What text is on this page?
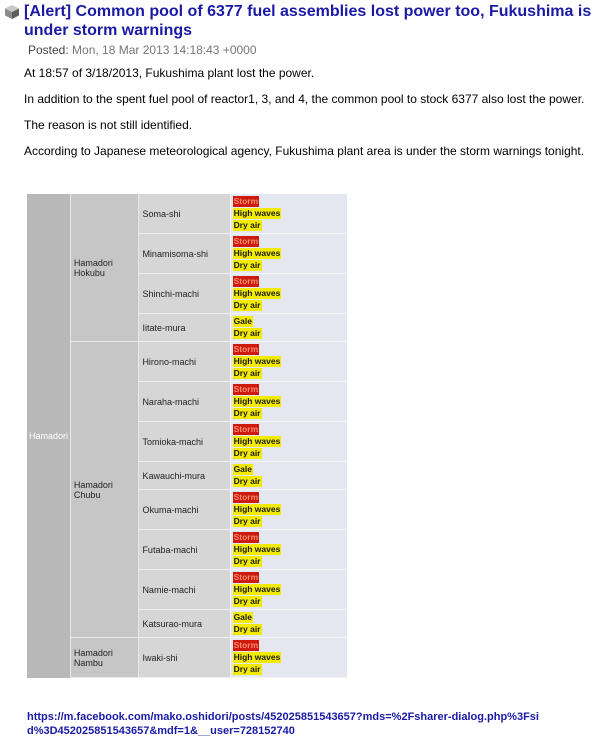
[Alert] Common pool of 6377 fuel assemblies lost power too, Fukushima is under storm warnings
Posted: Mon, 18 Mar 2013 14:18:43 +0000

At 18:57 of 3/18/2013, Fukushima plant lost the power.

In addition to the spent fuel pool of reactor1, 3, and 4, the common pool to stock 6377 also lost the power.

The reason is not still identified.

According to Japanese meteorological agency, Fukushima plant area is under the storm warnings tonight.

Hamadori	Hamadori Hokubu	Soma-shi	Storm
High waves
Dry air

		Minamisoma-shi	Storm
High waves
Dry air

		Shinchi-machi	Storm
High waves
Dry air

		Iitate-mura	Gale
Dry air

	Hamadori Chubu	Hirono-machi	Storm
High waves
Dry air

		Naraha-machi	Storm
High waves
Dry air

		Tomioka-machi	Storm
High waves
Dry air

		Kawauchi-mura	Gale
Dry air

		Okuma-machi	Storm
High waves
Dry air

		Futaba-machi	Storm
High waves
Dry air

		Namie-machi	Storm
High waves
Dry air

		Katsurao-mura	Gale
Dry air

	Hamadori Nambu	Iwaki-shi	Storm
High waves
Dry air
https://m.facebook.com/mako.oshidori/posts/452025851543657?mds=%2Fsharer-dialog.php%3Fsid%3D452025851543657&mdf=1&__user=728152740
